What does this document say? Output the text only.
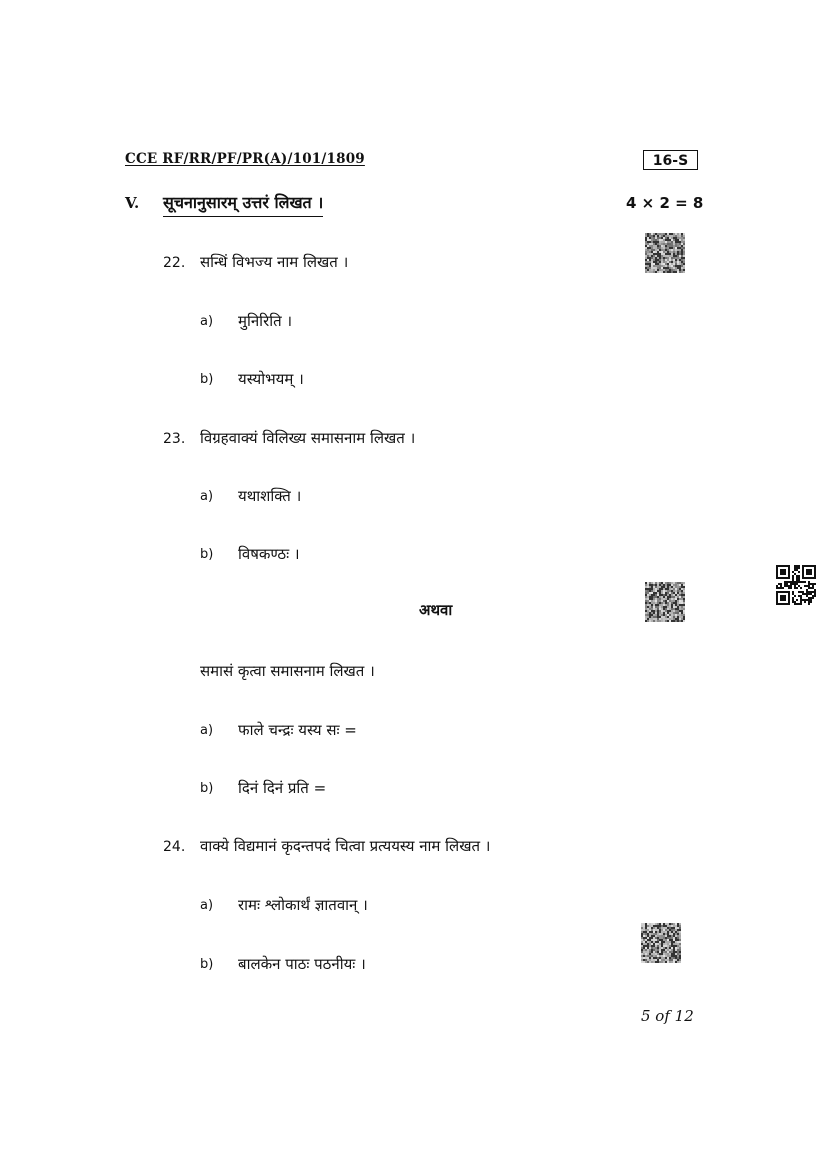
CCE RF/RR/PF/PR(A)/101/1809	16-S
V. सूचनानुसारम् उत्तरं लिखत ।	4 × 2 = 8
22. सन्धिं विभज्य नाम लिखत ।
a) मुनिरिति ।
b) यस्योभयम् ।
23. विग्रहवाक्यं विलिख्य समासनाम लिखत ।
a) यथाशक्ति ।
b) विषकण्ठः ।
अथवा
समासं कृत्वा समासनाम लिखत ।
a) फाले चन्द्रः यस्य सः =
b) दिनं दिनं प्रति =
24. वाक्ये विद्यमानं कृदन्तपदं चित्वा प्रत्ययस्य नाम लिखत ।
a) रामः श्लोकार्थं ज्ञातवान् ।
b) बालकेन पाठः पठनीयः ।
5 of 12
